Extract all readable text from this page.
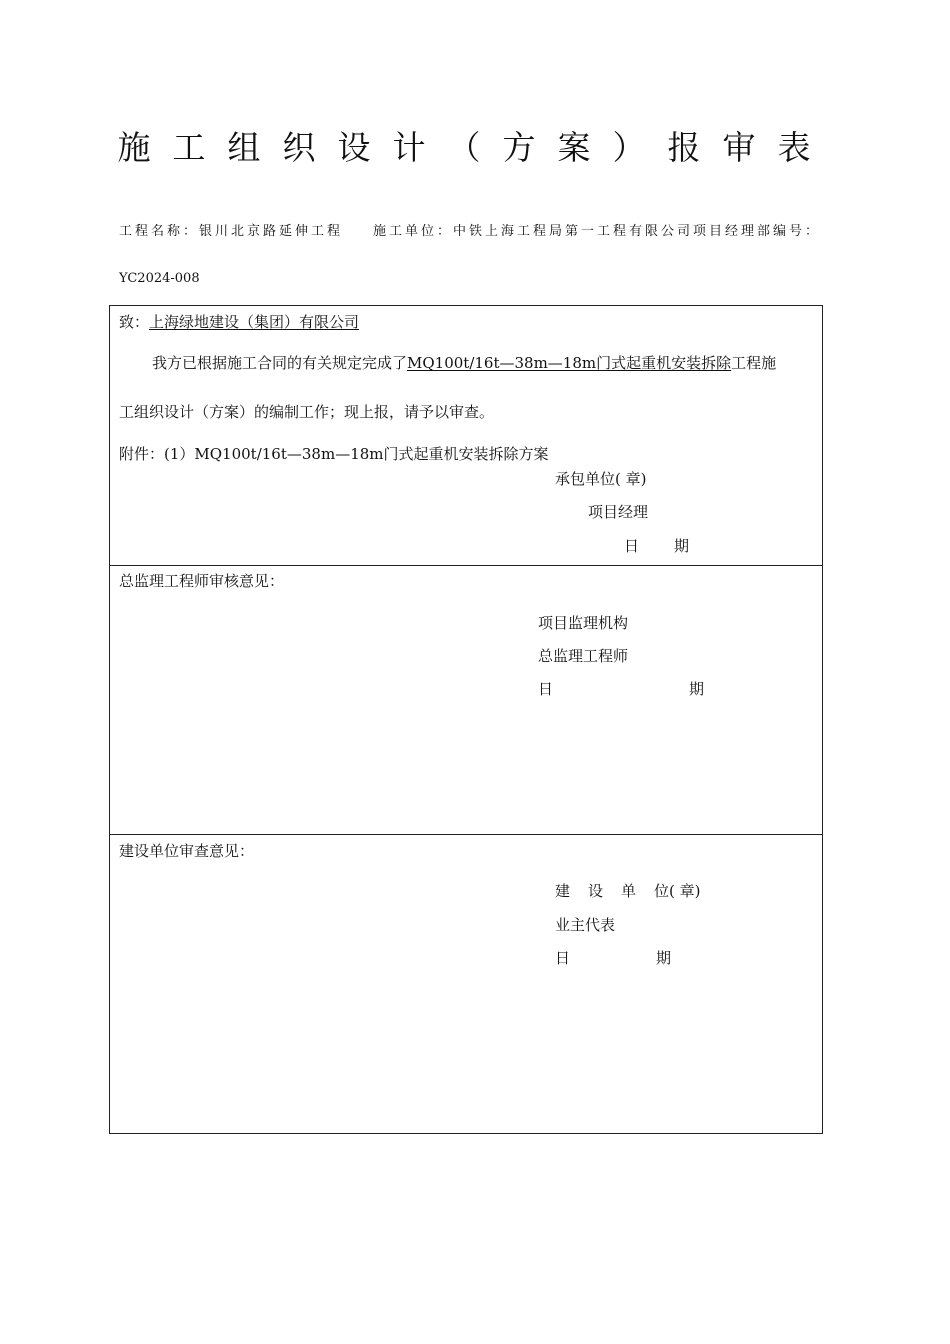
施工组织设计（方案）报审表
工程名称：银川北京路延伸工程 施工单位：中铁上海工程局第一工程有限公司项目经理部编号：
YC2024-008
致：上海绿地建设（集团）有限公司
我方已根据施工合同的有关规定完成了MQ100t/16t—38m—18m门式起重机安装拆除工程施
工组织设计（方案）的编制工作；现上报，请予以审查。
附件：(1）MQ100t/16t—38m—18m门式起重机安装拆除方案
承包单位( 章)
项目经理
日 期
总监理工程师审核意见：
项目监理机构
总监理工程师
日	期
建设单位审查意见：
建 设 单 位( 章)
业主代表
日	期
